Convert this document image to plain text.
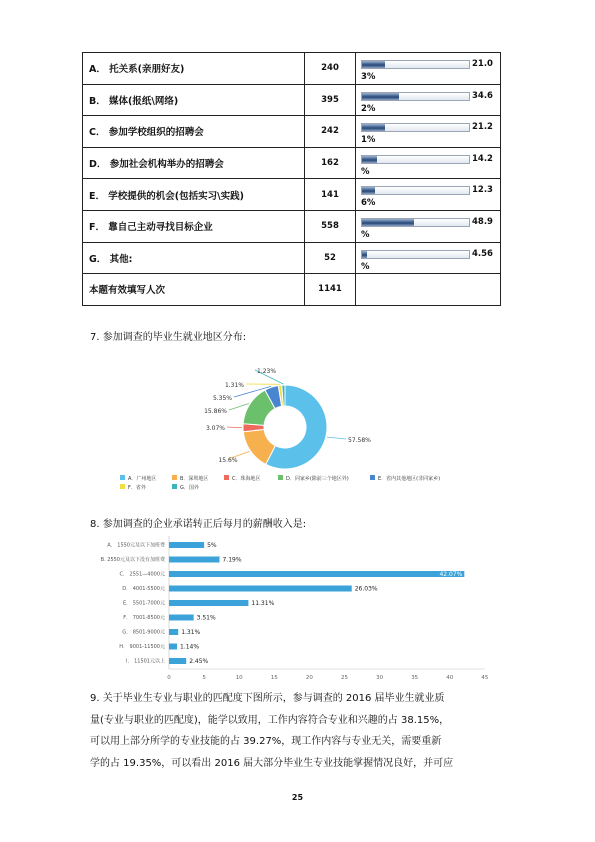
A． 托关系(亲朋好友)	240	21.0
3%

B． 媒体(报纸\网络)	395	34.6
2%

C． 参加学校组织的招聘会	242	21.2
1%

D． 参加社会机构举办的招聘会	162	14.2
%

E． 学校提供的机会(包括实习\实践)	141	12.3
6%

F． 靠自己主动寻找目标企业	558	48.9
%

G． 其他:	52	4.56
%

本题有效填写人次	1141	
7. 参加调查的毕业生就业地区分布:
57.58%
15.6%
3.07%
15.86%
5.35%
1.31%
1.23%
A．广州地区	B．深圳地区	C．珠海地区	D．同家乡(除前三个地区外)	E．省内其他地区(非同家乡)
F．省外	G．国外
8. 参加调查的企业承诺转正后每月的薪酬收入是:
A． 1550元及以下加班费	5%
B. 2550元及以下没有加班费	7.19%
C． 2551—4000元	42.07%
D． 4001-5500元	26.03%
E． 5501-7000元	11.31%
F． 7001-8500元	3.51%
G． 8501-9000元	1.31%
H． 9001-11500元	1.14%
I． 11501元以上	2.45%
0	5	10	15	20	25	30	35	40	45
9. 关于毕业生专业与职业的匹配度下图所示，参与调查的 2016 届毕业生就业质
量(专业与职业的匹配度)，能学以致用，工作内容符合专业和兴趣的占 38.15%，
可以用上部分所学的专业技能的占 39.27%，现工作内容与专业无关，需要重新
学的占 19.35%，可以看出 2016 届大部分毕业生专业技能掌握情况良好，并可应
25
